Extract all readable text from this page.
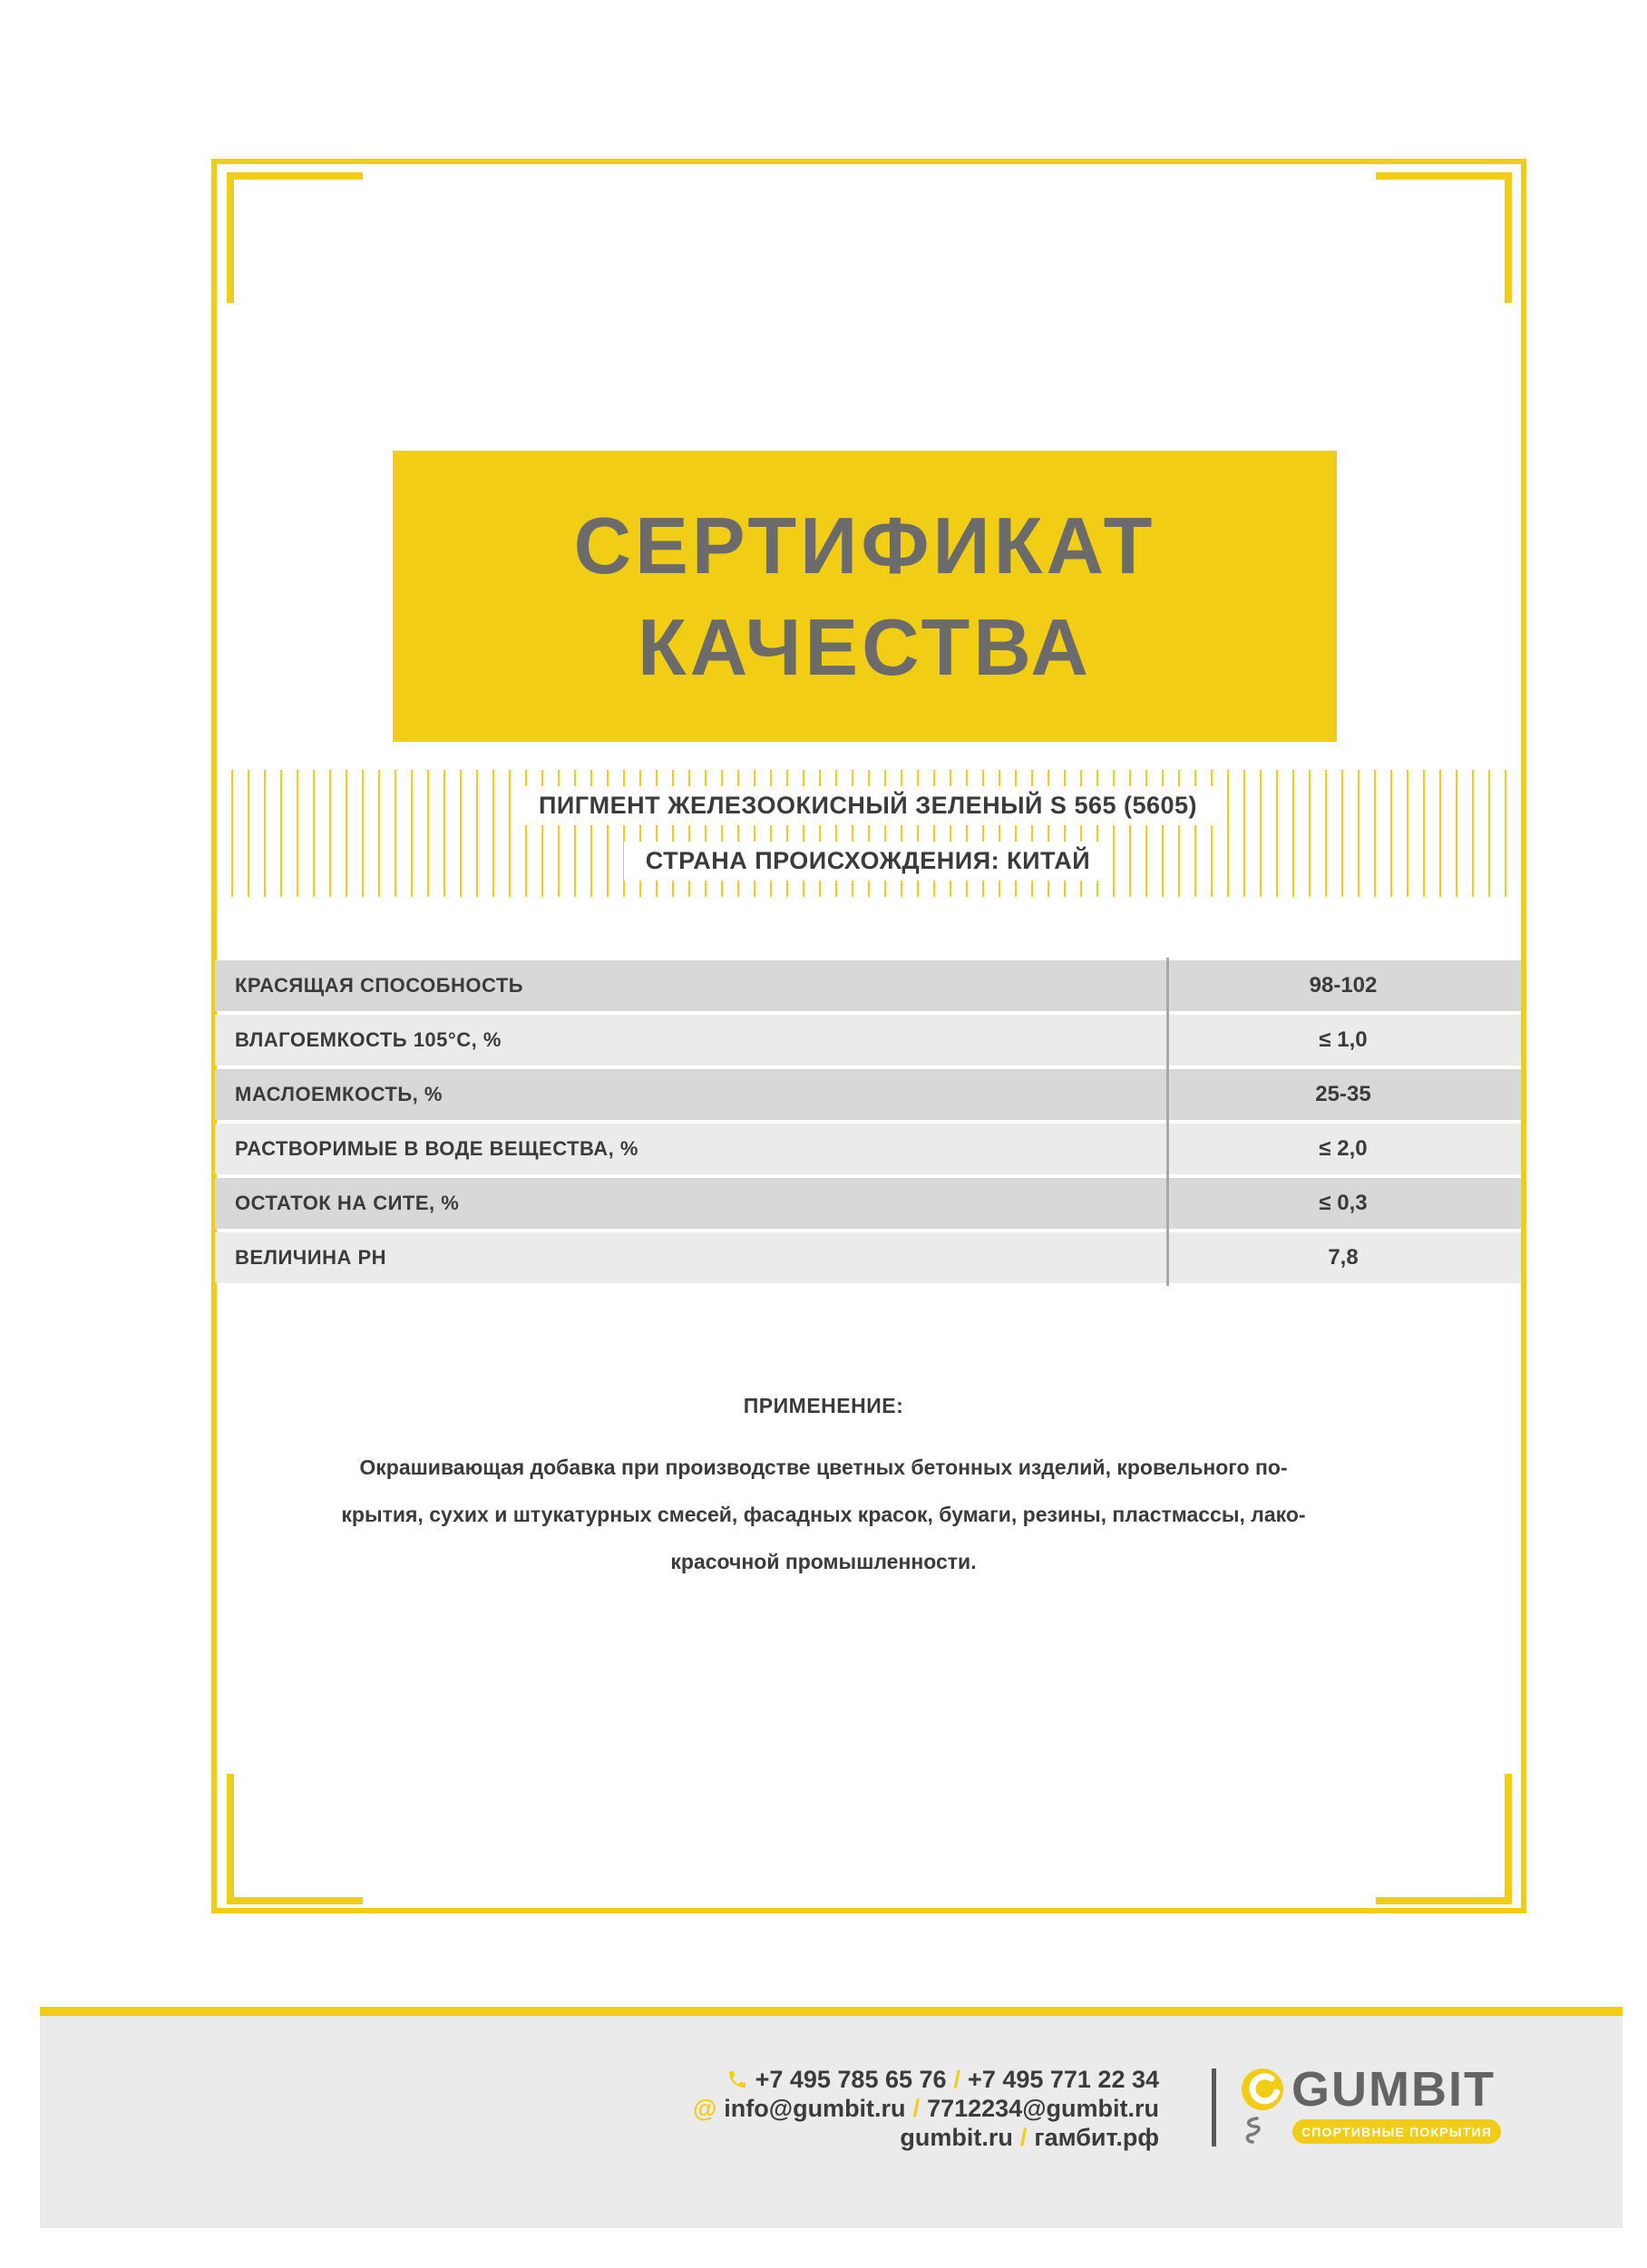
СЕРТИФИКАТ
КАЧЕСТВА
ПИГМЕНТ ЖЕЛЕЗООКИСНЫЙ ЗЕЛЕНЫЙ S 565 (5605)
СТРАНА ПРОИСХОЖДЕНИЯ: КИТАЙ
КРАСЯЩАЯ СПОСОБНОСТЬ	98-102
ВЛАГОЕМКОСТЬ 105°С, %	≤ 1,0
МАСЛОЕМКОСТЬ, %	25-35
РАСТВОРИМЫЕ В ВОДЕ ВЕЩЕСТВА, %	≤ 2,0
ОСТАТОК НА СИТЕ, %	≤ 0,3
ВЕЛИЧИНА РН	7,8
ПРИМЕНЕНИЕ:
Окрашивающая добавка при производстве цветных бетонных изделий, кровельного по-
крытия, сухих и штукатурных смесей, фасадных красок, бумаги, резины, пластмассы, лако-
красочной промышленности.
+7 495 785 65 76 / +7 495 771 22 34
@ info@gumbit.ru / 7712234@gumbit.ru
gumbit.ru / гамбит.рф
GUMBIT
СПОРТИВНЫЕ ПОКРЫТИЯ
